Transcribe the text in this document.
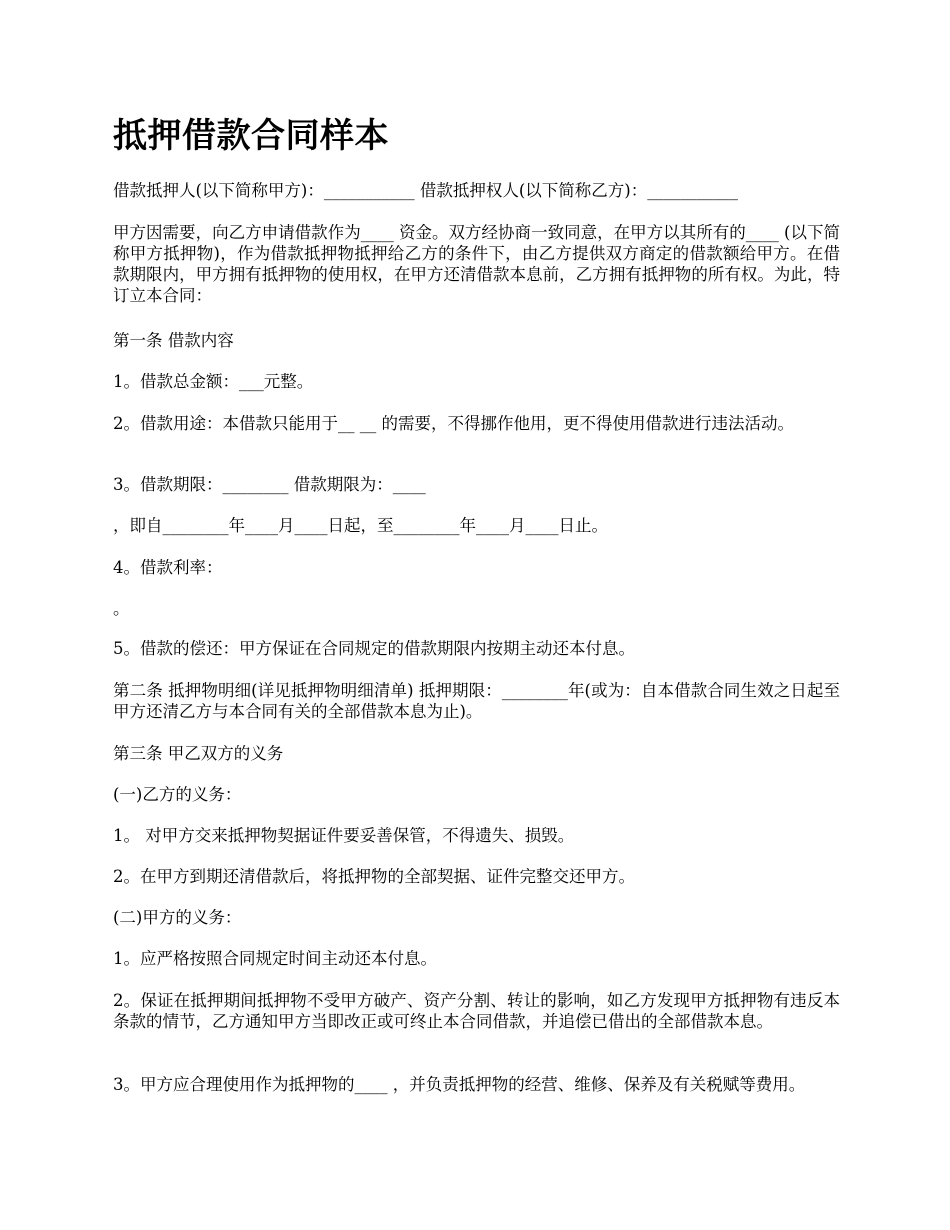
抵押借款合同样本

借款抵押人(以下简称甲方)：___________ 借款抵押权人(以下简称乙方)：___________

甲方因需要，向乙方申请借款作为____ 资金。双方经协商一致同意，在甲方以其所有的____ (以下简称甲方抵押物)，作为借款抵押物抵押给乙方的条件下，由乙方提供双方商定的借款额给甲方。在借款期限内，甲方拥有抵押物的使用权，在甲方还清借款本息前，乙方拥有抵押物的所有权。为此，特订立本合同：

第一条 借款内容

1。借款总金额：___元整。

2。借款用途：本借款只能用于__ __ 的需要，不得挪作他用，更不得使用借款进行违法活动。

3。借款期限：________ 借款期限为：____

，即自________年____月____日起，至________年____月____日止。

4。借款利率：

。

5。借款的偿还：甲方保证在合同规定的借款期限内按期主动还本付息。

第二条 抵押物明细(详见抵押物明细清单) 抵押期限：________年(或为：自本借款合同生效之日起至甲方还清乙方与本合同有关的全部借款本息为止)。

第三条 甲乙双方的义务

(一)乙方的义务：

1。 对甲方交来抵押物契据证件要妥善保管，不得遗失、损毁。

2。在甲方到期还清借款后，将抵押物的全部契据、证件完整交还甲方。

(二)甲方的义务：

1。应严格按照合同规定时间主动还本付息。

2。保证在抵押期间抵押物不受甲方破产、资产分割、转让的影响，如乙方发现甲方抵押物有违反本条款的情节，乙方通知甲方当即改正或可终止本合同借款，并追偿已借出的全部借款本息。

3。甲方应合理使用作为抵押物的____ ，并负责抵押物的经营、维修、保养及有关税赋等费用。
